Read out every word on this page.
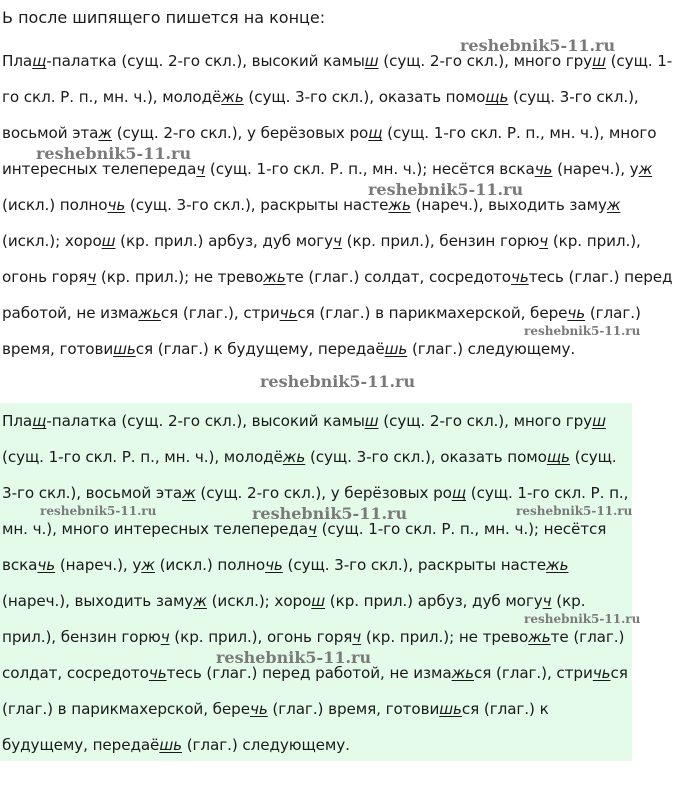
Ь после шипящего пишется на конце:

Плащ-палатка (сущ. 2-го скл.), высокий камыш (сущ. 2-го скл.), много груш (сущ. 1-го скл. Р. п., мн. ч.), молодёжь (сущ. 3-го скл.), оказать помощь (сущ. 3-го скл.), восьмой этаж (сущ. 2-го скл.), у берёзовых рощ (сущ. 1-го скл. Р. п., мн. ч.), много интересных телепередач (сущ. 1-го скл. Р. п., мн. ч.); несётся вскачь (нареч.), уж (искл.) полночь (сущ. 3-го скл.), раскрыты настежь (нареч.), выходить замуж (искл.); хорош (кр. прил.) арбуз, дуб могуч (кр. прил.), бензин горюч (кр. прил.), огонь горяч (кр. прил.); не тревожьте (глаг.) солдат, сосредоточьтесь (глаг.) перед работой, не измажься (глаг.), стричься (глаг.) в парикмахерской, беречь (глаг.) время, готовишься (глаг.) к будущему, передаёшь (глаг.) следующему.

Плащ-палатка (сущ. 2-го скл.), высокий камыш (сущ. 2-го скл.), много груш (сущ. 1-го скл. Р. п., мн. ч.), молодёжь (сущ. 3-го скл.), оказать помощь (сущ. 3-го скл.), восьмой этаж (сущ. 2-го скл.), у берёзовых рощ (сущ. 1-го скл. Р. п., мн. ч.), много интересных телепередач (сущ. 1-го скл. Р. п., мн. ч.); несётся вскачь (нареч.), уж (искл.) полночь (сущ. 3-го скл.), раскрыты настежь (нареч.), выходить замуж (искл.); хорош (кр. прил.) арбуз, дуб могуч (кр. прил.), бензин горюч (кр. прил.), огонь горяч (кр. прил.); не тревожьте (глаг.) солдат, сосредоточьтесь (глаг.) перед работой, не измажься (глаг.), стричься (глаг.) в парикмахерской, беречь (глаг.) время, готовишься (глаг.) к будущему, передаёшь (глаг.) следующему.

reshebnik5-11.ru
reshebnik5-11.ru
reshebnik5-11.ru
reshebnik5-11.ru
reshebnik5-11.ru
reshebnik5-11.ru	reshebnik5-11.ru	reshebnik5-11.ru
reshebnik5-11.ru
reshebnik5-11.ru
